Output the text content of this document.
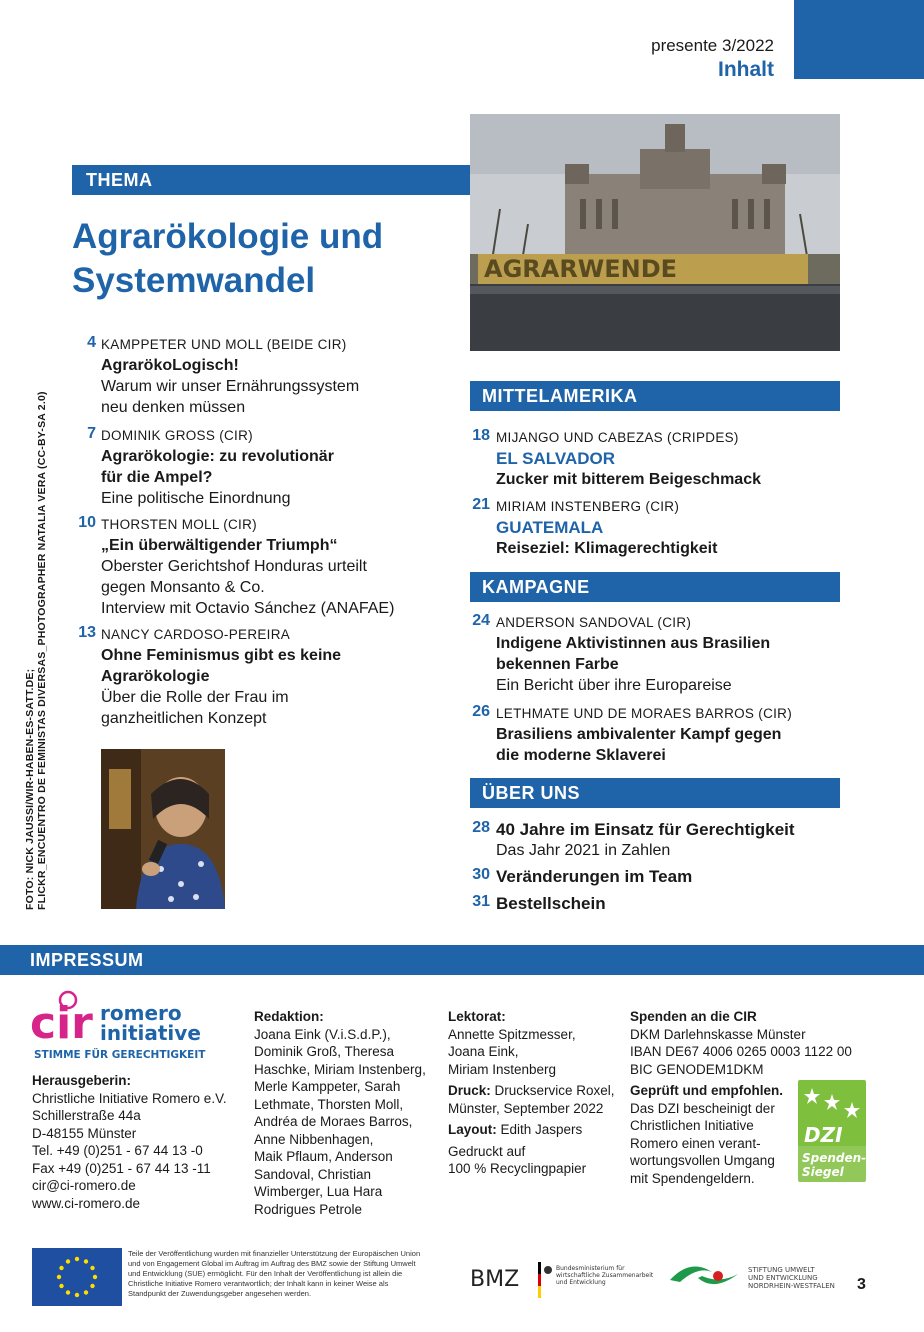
presente 3/2022
Inhalt
THEMA
Agrarökologie und
Systemwandel	AGRARWENDE
FOTO: NICK JAUSSI/WIR-HABEN-ES-SATT.DE; FLICKR_ENCUENTRO DE FEMINISTAS DIVERSAS_PHOTOGRAPHER NATALIA VERA (CC-BY-SA 2.0)
4 KAMPPETER UND MOLL (BEIDE CIR)
AgrarökoLogisch!
Warum wir unser Ernährungssystem
neu denken müssen
7 DOMINIK GROSS (CIR)
Agrarökologie: zu revolutionär
für die Ampel?
Eine politische Einordnung
10 THORSTEN MOLL (CIR)
„Ein überwältigender Triumph“
Oberster Gerichtshof Honduras urteilt
gegen Monsanto & Co.
Interview mit Octavio Sánchez (ANAFAE)
13 NANCY CARDOSO-PEREIRA
Ohne Feminismus gibt es keine
Agrarökologie
Über die Rolle der Frau im
ganzheitlichen Konzept
MITTELAMERIKA
18 MIJANGO UND CABEZAS (CRIPDES)
EL SALVADOR
Zucker mit bitterem Beigeschmack
21 MIRIAM INSTENBERG (CIR)
GUATEMALA
Reiseziel: Klimagerechtigkeit
KAMPAGNE
24 ANDERSON SANDOVAL (CIR)
Indigene Aktivistinnen aus Brasilien
bekennen Farbe
Ein Bericht über ihre Europareise
26 LETHMATE UND DE MORAES BARROS (CIR)
Brasiliens ambivalenter Kampf gegen
die moderne Sklaverei
ÜBER UNS
28 40 Jahre im Einsatz für Gerechtigkeit
Das Jahr 2021 in Zahlen
30 Veränderungen im Team
31 Bestellschein
IMPRESSUM
cir romero
initiative
STIMME FÜR GERECHTIGKEIT
Herausgeberin:
Christliche Initiative Romero e.V.
Schillerstraße 44a
D-48155 Münster
Tel. +49 (0)251 - 67 44 13 -0
Fax +49 (0)251 - 67 44 13 -11
cir@ci-romero.de
www.ci-romero.de
Redaktion:
Joana Eink (V.i.S.d.P.),
Dominik Groß, Theresa
Haschke, Miriam Instenberg,
Merle Kamppeter, Sarah
Lethmate, Thorsten Moll,
Andréa de Moraes Barros,
Anne Nibbenhagen,
Maik Pflaum, Anderson
Sandoval, Christian
Wimberger, Lua Hara
Rodrigues Petrole
Lektorat:
Annette Spitzmesser,
Joana Eink,
Miriam Instenberg
Druck: Druckservice Roxel,
Münster, September 2022
Layout: Edith Jaspers
Gedruckt auf
100 % Recyclingpapier
Spenden an die CIR
DKM Darlehnskasse Münster
IBAN DE67 4006 0265 0003 1122 00
BIC GENODEM1DKM
Geprüft und empfohlen.
Das DZI bescheinigt der
Christlichen Initiative
Romero einen verant-
wortungsvollen Umgang
mit Spendengeldern.
DZI
Spenden-
Siegel
Teile der Veröffentlichung wurden mit finanzieller Unterstützung der Europäischen Union und von Engagement Global im Auftrag im Auftrag des BMZ sowie der Stiftung Umwelt und Entwicklung (SUE) ermöglicht. Für den Inhalt der Veröffentlichung ist allein die Christliche Initiative Romero verantwortlich; der Inhalt kann in keiner Weise als Standpunkt der Zuwendungsgeber angesehen werden.
BMZ	Bundesministerium für
wirtschaftliche Zusammenarbeit
und Entwicklung
STIFTUNG UMWELT
UND ENTWICKLUNG
NORDRHEIN-WESTFALEN 3
